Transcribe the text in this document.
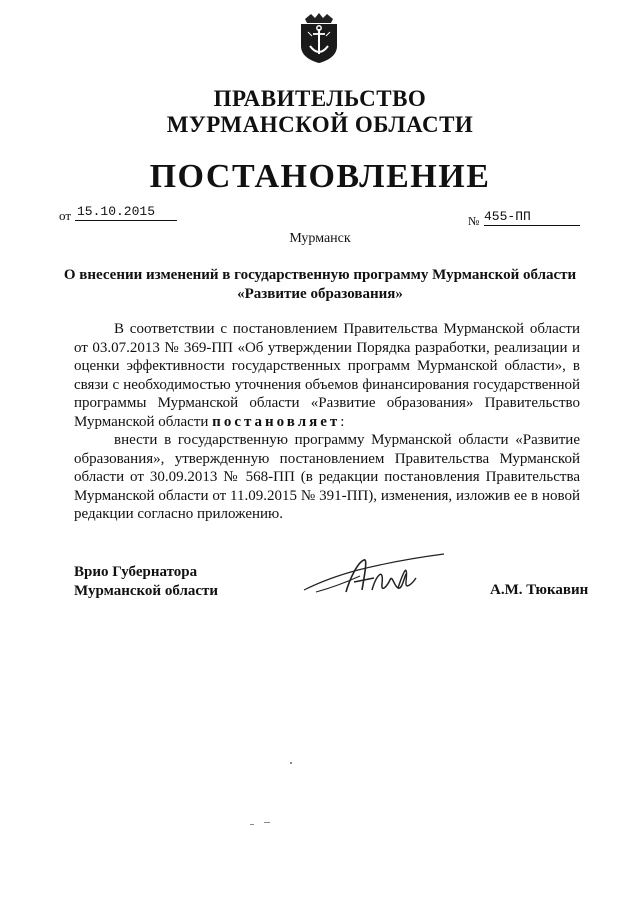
ПРАВИТЕЛЬСТВО
МУРМАНСКОЙ ОБЛАСТИ
ПОСТАНОВЛЕНИЕ
от 15.10.2015
№ 455-ПП
Мурманск
О внесении изменений в государственную программу Мурманской области
«Развитие образования»

В соответствии с постановлением Правительства Мурманской области от 03.07.2013 № 369-ПП «Об утверждении Порядка разработки, реализации и оценки эффективности государственных программ Мурманской области», в связи с необходимостью уточнения объемов финансирования государственной программы Мурманской области «Развитие образования» Правительство Мурманской области постановляет:

внести в государственную программу Мурманской области «Развитие образования», утвержденную постановлением Правительства Мурманской области от 30.09.2013 № 568-ПП (в редакции постановления Правительства Мурманской области от 11.09.2015 № 391-ПП), изменения, изложив ее в новой редакции согласно приложению.

Врио Губернатора
Мурманской области	А.М. Тюкавин
